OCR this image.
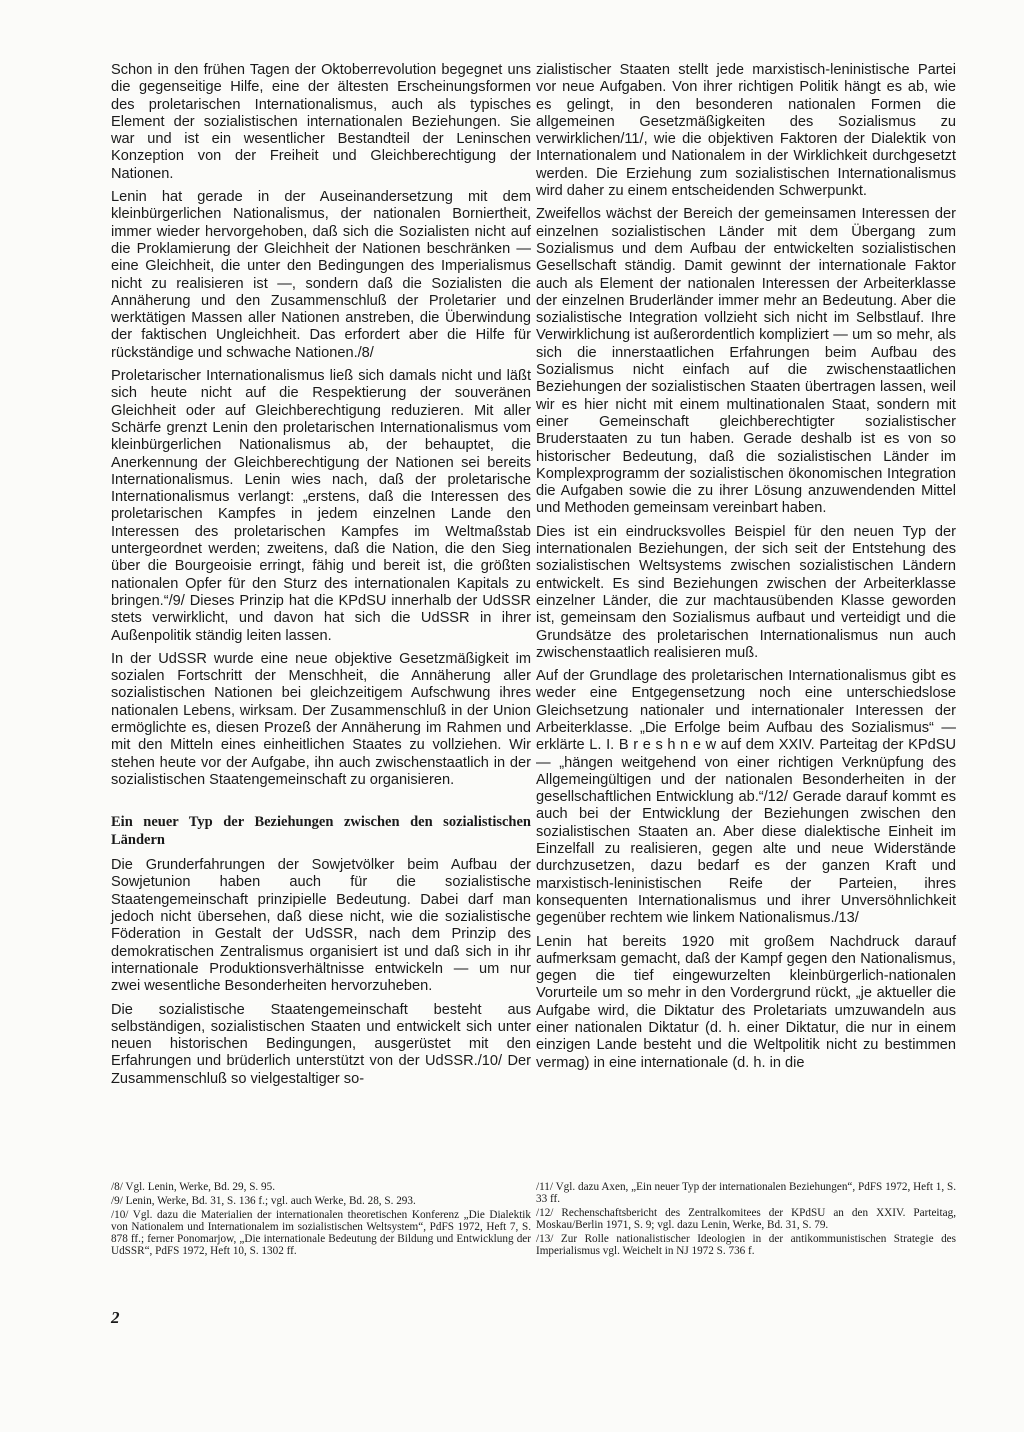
Schon in den frühen Tagen der Oktoberrevolution begegnet uns die gegenseitige Hilfe, eine der ältesten Erscheinungsformen des proletarischen Internationalismus, auch als typisches Element der sozialistischen internationalen Beziehungen. Sie war und ist ein wesentlicher Bestandteil der Leninschen Konzeption von der Freiheit und Gleichberechtigung der Nationen.

Lenin hat gerade in der Auseinandersetzung mit dem kleinbürgerlichen Nationalismus, der nationalen Borniertheit, immer wieder hervorgehoben, daß sich die Sozialisten nicht auf die Proklamierung der Gleichheit der Nationen beschränken — eine Gleichheit, die unter den Bedingungen des Imperialismus nicht zu realisieren ist —, sondern daß die Sozialisten die Annäherung und den Zusammenschluß der Proletarier und werktätigen Massen aller Nationen anstreben, die Überwindung der faktischen Ungleichheit. Das erfordert aber die Hilfe für rückständige und schwache Nationen./8/

Proletarischer Internationalismus ließ sich damals nicht und läßt sich heute nicht auf die Respektierung der souveränen Gleichheit oder auf Gleichberechtigung reduzieren. Mit aller Schärfe grenzt Lenin den proletarischen Internationalismus vom kleinbürgerlichen Nationalismus ab, der behauptet, die Anerkennung der Gleichberechtigung der Nationen sei bereits Internationalismus. Lenin wies nach, daß der proletarische Internationalismus verlangt: „erstens, daß die Interessen des proletarischen Kampfes in jedem einzelnen Lande den Interessen des proletarischen Kampfes im Weltmaßstab untergeordnet werden; zweitens, daß die Nation, die den Sieg über die Bourgeoisie erringt, fähig und bereit ist, die größten nationalen Opfer für den Sturz des internationalen Kapitals zu bringen.“/9/ Dieses Prinzip hat die KPdSU innerhalb der UdSSR stets verwirklicht, und davon hat sich die UdSSR in ihrer Außenpolitik ständig leiten lassen.

In der UdSSR wurde eine neue objektive Gesetzmäßigkeit im sozialen Fortschritt der Menschheit, die Annäherung aller sozialistischen Nationen bei gleichzeitigem Aufschwung ihres nationalen Lebens, wirksam. Der Zusammenschluß in der Union ermöglichte es, diesen Prozeß der Annäherung im Rahmen und mit den Mitteln eines einheitlichen Staates zu vollziehen. Wir stehen heute vor der Aufgabe, ihn auch zwischenstaatlich in der sozialistischen Staatengemeinschaft zu organisieren.

Ein neuer Typ der Beziehungen zwischen den sozialistischen Ländern

Die Grunderfahrungen der Sowjetvölker beim Aufbau der Sowjetunion haben auch für die sozialistische Staatengemeinschaft prinzipielle Bedeutung. Dabei darf man jedoch nicht übersehen, daß diese nicht, wie die sozialistische Föderation in Gestalt der UdSSR, nach dem Prinzip des demokratischen Zentralismus organisiert ist und daß sich in ihr internationale Produktionsverhältnisse entwickeln — um nur zwei wesentliche Besonderheiten hervorzuheben.

Die sozialistische Staatengemeinschaft besteht aus selbständigen, sozialistischen Staaten und entwickelt sich unter neuen historischen Bedingungen, ausgerüstet mit den Erfahrungen und brüderlich unterstützt von der UdSSR./10/ Der Zusammenschluß so vielgestaltiger so-

zialistischer Staaten stellt jede marxistisch-leninistische Partei vor neue Aufgaben. Von ihrer richtigen Politik hängt es ab, wie es gelingt, in den besonderen nationalen Formen die allgemeinen Gesetzmäßigkeiten des Sozialismus zu verwirklichen/11/, wie die objektiven Faktoren der Dialektik von Internationalem und Nationalem in der Wirklichkeit durchgesetzt werden. Die Erziehung zum sozialistischen Internationalismus wird daher zu einem entscheidenden Schwerpunkt.

Zweifellos wächst der Bereich der gemeinsamen Interessen der einzelnen sozialistischen Länder mit dem Übergang zum Sozialismus und dem Aufbau der entwickelten sozialistischen Gesellschaft ständig. Damit gewinnt der internationale Faktor auch als Element der nationalen Interessen der Arbeiterklasse der einzelnen Bruderländer immer mehr an Bedeutung. Aber die sozialistische Integration vollzieht sich nicht im Selbstlauf. Ihre Verwirklichung ist außerordentlich kompliziert — um so mehr, als sich die innerstaatlichen Erfahrungen beim Aufbau des Sozialismus nicht einfach auf die zwischenstaatlichen Beziehungen der sozialistischen Staaten übertragen lassen, weil wir es hier nicht mit einem multinationalen Staat, sondern mit einer Gemeinschaft gleichberechtigter sozialistischer Bruderstaaten zu tun haben. Gerade deshalb ist es von so historischer Bedeutung, daß die sozialistischen Länder im Komplexprogramm der sozialistischen ökonomischen Integration die Aufgaben sowie die zu ihrer Lösung anzuwendenden Mittel und Methoden gemeinsam vereinbart haben.

Dies ist ein eindrucksvolles Beispiel für den neuen Typ der internationalen Beziehungen, der sich seit der Entstehung des sozialistischen Weltsystems zwischen sozialistischen Ländern entwickelt. Es sind Beziehungen zwischen der Arbeiterklasse einzelner Länder, die zur machtausübenden Klasse geworden ist, gemeinsam den Sozialismus aufbaut und verteidigt und die Grundsätze des proletarischen Internationalismus nun auch zwischenstaatlich realisieren muß.

Auf der Grundlage des proletarischen Internationalismus gibt es weder eine Entgegensetzung noch eine unterschiedslose Gleichsetzung nationaler und internationaler Interessen der Arbeiterklasse. „Die Erfolge beim Aufbau des Sozialismus“ — erklärte L. I. B r e s h n e w auf dem XXIV. Parteitag der KPdSU — „hängen weitgehend von einer richtigen Verknüpfung des Allgemeingültigen und der nationalen Besonderheiten in der gesellschaftlichen Entwicklung ab.“/12/ Gerade darauf kommt es auch bei der Entwicklung der Beziehungen zwischen den sozialistischen Staaten an. Aber diese dialektische Einheit im Einzelfall zu realisieren, gegen alte und neue Widerstände durchzusetzen, dazu bedarf es der ganzen Kraft und marxistisch-leninistischen Reife der Parteien, ihres konsequenten Internationalismus und ihrer Unversöhnlichkeit gegenüber rechtem wie linkem Nationalismus./13/

Lenin hat bereits 1920 mit großem Nachdruck darauf aufmerksam gemacht, daß der Kampf gegen den Nationalismus, gegen die tief eingewurzelten kleinbürgerlich-nationalen Vorurteile um so mehr in den Vordergrund rückt, „je aktueller die Aufgabe wird, die Diktatur des Proletariats umzuwandeln aus einer nationalen Diktatur (d. h. einer Diktatur, die nur in einem einzigen Lande besteht und die Weltpolitik nicht zu bestimmen vermag) in eine internationale (d. h. in die

/8/ Vgl. Lenin, Werke, Bd. 29, S. 95.
/9/ Lenin, Werke, Bd. 31, S. 136 f.; vgl. auch Werke, Bd. 28, S. 293.
/10/ Vgl. dazu die Materialien der internationalen theoretischen Konferenz „Die Dialektik von Nationalem und Internationalem im sozialistischen Weltsystem“, PdFS 1972, Heft 7, S. 878 ff.; ferner Ponomarjow, „Die internationale Bedeutung der Bildung und Entwicklung der UdSSR“, PdFS 1972, Heft 10, S. 1302 ff.
/11/ Vgl. dazu Axen, „Ein neuer Typ der internationalen Beziehungen“, PdFS 1972, Heft 1, S. 33 ff.
/12/ Rechenschaftsbericht des Zentralkomitees der KPdSU an den XXIV. Parteitag, Moskau/Berlin 1971, S. 9; vgl. dazu Lenin, Werke, Bd. 31, S. 79.
/13/ Zur Rolle nationalistischer Ideologien in der antikommunistischen Strategie des Imperialismus vgl. Weichelt in NJ 1972 S. 736 f.
2
